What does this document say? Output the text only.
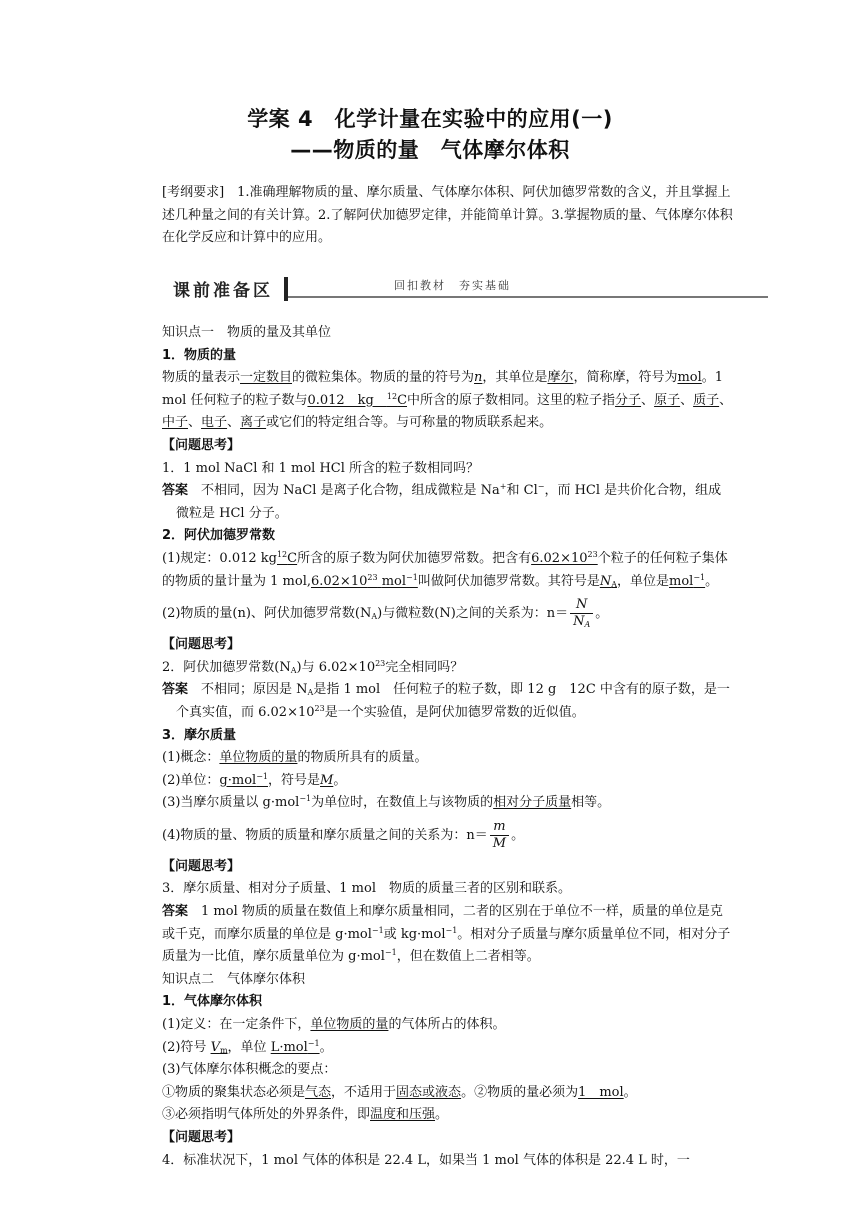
学案 4　化学计量在实验中的应用(一)
——物质的量　气体摩尔体积
[考纲要求]　1.准确理解物质的量、摩尔质量、气体摩尔体积、阿伏加德罗常数的含义，并且掌握上述几种量之间的有关计算。2.了解阿伏加德罗定律，并能简单计算。3.掌握物质的量、气体摩尔体积在化学反应和计算中的应用。
课前准备区	回扣教材　夯实基础

知识点一　物质的量及其单位

1．物质的量

物质的量表示一定数目的微粒集体。物质的量的符号为n，其单位是摩尔，简称摩，符号为mol。1 mol 任何粒子的粒子数与0.012　kg　$^{12}$C中所含的原子数相同。这里的粒子指分子、原子、质子、中子、电子、离子或它们的特定组合等。与可称量的物质联系起来。

【问题思考】

1．1 mol NaCl 和 1 mol HCl 所含的粒子数相同吗？

答案　不相同，因为 NaCl 是离子化合物，组成微粒是 Na+和 Cl−，而 HCl 是共价化合物，组成微粒是 HCl 分子。

2．阿伏加德罗常数

(1)规定：0.012 $kg^{12}C$所含的原子数为阿伏加德罗常数。把含有$6.02\times 10^{23}$个粒子的任何粒子集体的物质的量计量为 1 $mol,6.02\times 10^{23}$ mol$^{-1}$叫做阿伏加德罗常数。其符号是$N_A$，单位是mol$^{-1}$。

(2)物质的量(n)、阿伏加德罗常数$(N_A)$与微粒数(N)之间的关系为：$n= \frac{N}{N_A}$ 。

【问题思考】

2．阿伏加德罗常数$(N_A)$与 $6.02\times 10^{23}$完全相同吗？

答案　不相同；原因是 $N_A$是指 1 mol　任何粒子的粒子数，即 12 g　12C 中含有的原子数，是一个真实值，而 $6.02\times 10^{23}$是一个实验值，是阿伏加德罗常数的近似值。

3．摩尔质量

(1)概念：单位物质的量的物质所具有的质量。

(2)单位：g·mol$^{-1}$，符号是M。

(3)当摩尔质量以 g·mol$^{-1}$为单位时，在数值上与该物质的相对分子质量相等。

(4)物质的量、物质的质量和摩尔质量之间的关系为：$n= \frac{m}{M}$ 。

【问题思考】

3．摩尔质量、相对分子质量、1 mol　物质的质量三者的区别和联系。

答案　1 mol 物质的质量在数值上和摩尔质量相同，二者的区别在于单位不一样，质量的单位是克或千克，而摩尔质量的单位是 g·mol$^{-1}$或 kg·mol$^{-1}$。相对分子质量与摩尔质量单位不同，相对分子质量为一比值，摩尔质量单位为 g·mol$^{-1}$，但在数值上二者相等。

知识点二　气体摩尔体积

1．气体摩尔体积

(1)定义：在一定条件下，单位物质的量的气体所占的体积。

(2)符号 $V_m$，单位 L·mol$^{-1}$。

(3)气体摩尔体积概念的要点：

①物质的聚集状态必须是气态，不适用于固态或液态。②物质的量必须为1　mol。

③必须指明气体所处的外界条件，即温度和压强。

【问题思考】

4．标准状况下，1 mol 气体的体积是 22.4 L，如果当 1 mol 气体的体积是 22.4 L 时，一
